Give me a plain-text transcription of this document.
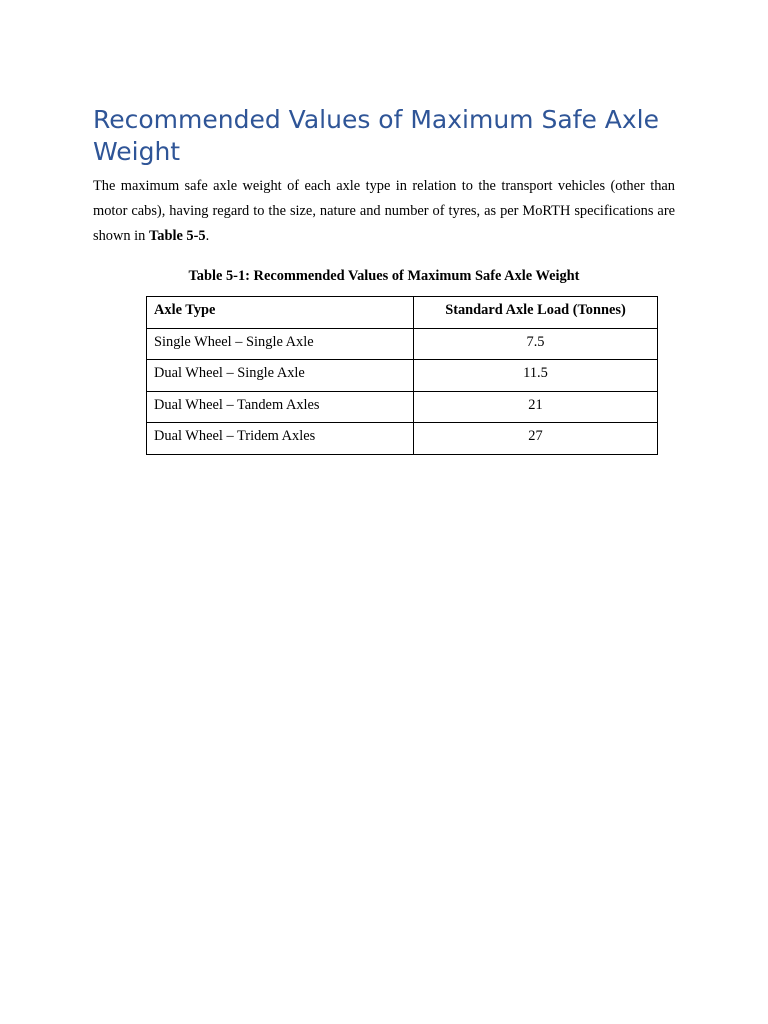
Recommended Values of Maximum Safe Axle Weight

The maximum safe axle weight of each axle type in relation to the transport vehicles (other than motor cabs), having regard to the size, nature and number of tyres, as per MoRTH specifications are shown in Table 5-5.

Table 5-1: Recommended Values of Maximum Safe Axle Weight

Axle Type	Standard Axle Load (Tonnes)
Single Wheel – Single Axle	7.5
Dual Wheel – Single Axle	11.5
Dual Wheel – Tandem Axles	21
Dual Wheel – Tridem Axles	27
